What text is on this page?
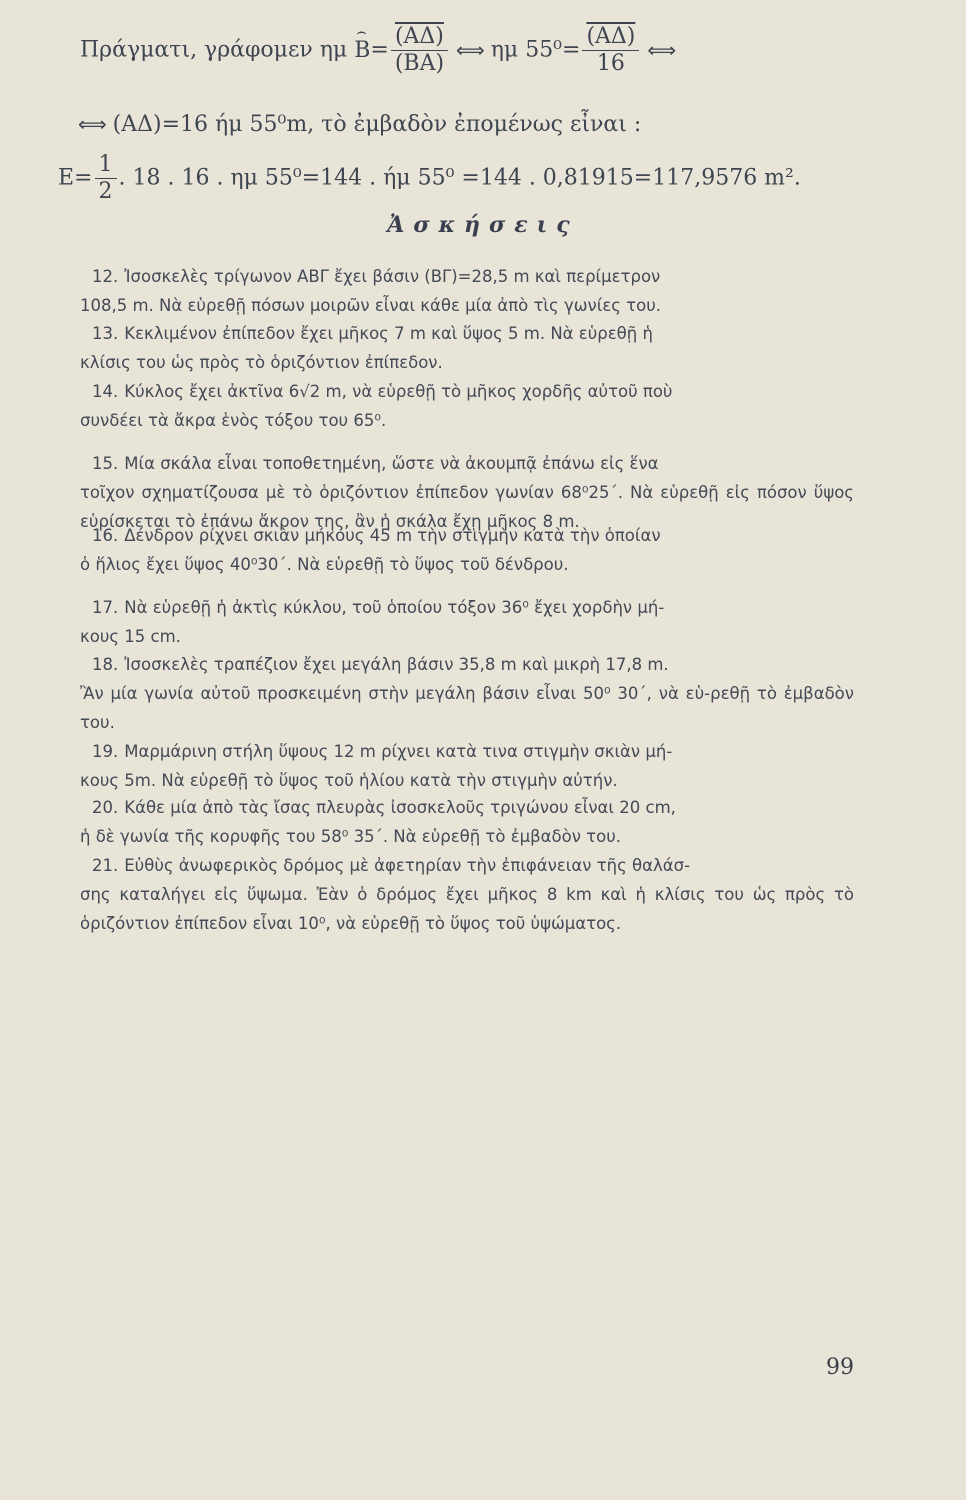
Πράγματι, γράφομεν ημ
⌢
$B= \frac{(A\Delta)}{(BA)}$ ⟺ ημ $55^0= \frac{(A\Delta)}{16}$ ⟺
⟺ (ΑΔ)=16 ήμ 55⁰m, τὸ ἐμβαδὸν ἐπομένως εἶναι :
$E= \frac{1}{2}$ . 18 . 16 . ημ 55⁰=144 . ήμ 55⁰ =144 . 0,81915=117,9576 m².
Ἀσκήσεις
12. Ἰσοσκελὲς τρίγωνον ΑΒΓ ἔχει βάσιν (ΒΓ)=28,5 m καὶ περίμετρον
108,5 m. Νὰ εὑρεθῇ πόσων μοιρῶν εἶναι κάθε μία ἀπὸ τὶς γωνίες του.
13. Κεκλιμένον ἐπίπεδον ἔχει μῆκος 7 m καὶ ὕψος 5 m. Νὰ εὑρεθῇ ἡ
κλίσις του ὡς πρὸς τὸ ὁριζόντιον ἐπίπεδον.
14. Κύκλος ἔχει ἀκτῖνα 6√2 m, νὰ εὑρεθῇ τὸ μῆκος χορδῆς αὐτοῦ ποὺ
συνδέει τὰ ἄκρα ἑνὸς τόξου του 65⁰.
15. Μία σκάλα εἶναι τοποθετημένη, ὥστε νὰ ἀκουμπᾷ ἐπάνω εἰς ἕνα
τοῖχον σχηματίζουσα μὲ τὸ ὁριζόντιον ἐπίπεδον γωνίαν 68⁰25΄. Νὰ εὑρεθῇ εἰς πόσον ὕψος εὑρίσκεται τὸ ἐπάνω ἄκρον της, ἂν ἡ σκάλα ἔχῃ μῆκος 8 m.
16. Δένδρον ρίχνει σκιὰν μήκους 45 m τὴν στιγμὴν κατὰ τὴν ὁποίαν
ὁ ἥλιος ἔχει ὕψος 40⁰30΄. Νὰ εὑρεθῇ τὸ ὕψος τοῦ δένδρου.
17. Νὰ εὑρεθῇ ἡ ἀκτὶς κύκλου, τοῦ ὁποίου τόξον 36⁰ ἔχει χορδὴν μή-
κους 15 cm.
18. Ἰσοσκελὲς τραπέζιον ἔχει μεγάλη βάσιν 35,8 m καὶ μικρὴ 17,8 m.
Ἂν μία γωνία αὐτοῦ προσκειμένη στὴν μεγάλη βάσιν εἶναι 50⁰ 30΄, νὰ εὑ-ρεθῇ τὸ ἐμβαδὸν του.
19. Μαρμάρινη στήλη ὕψους 12 m ρίχνει κατὰ τινα στιγμὴν σκιὰν μή-
κους 5m. Νὰ εὑρεθῇ τὸ ὕψος τοῦ ἡλίου κατὰ τὴν στιγμὴν αὐτήν.
20. Κάθε μία ἀπὸ τὰς ἴσας πλευρὰς ἰσοσκελοῦς τριγώνου εἶναι 20 cm,
ἡ δὲ γωνία τῆς κορυφῆς του 58⁰ 35΄. Νὰ εὑρεθῇ τὸ ἐμβαδὸν του.
21. Εὐθὺς ἀνωφερικὸς δρόμος μὲ ἀφετηρίαν τὴν ἐπιφάνειαν τῆς θαλάσ-
σης καταλήγει εἰς ὕψωμα. Ἐὰν ὁ δρόμος ἔχει μῆκος 8 km καὶ ἡ κλίσις του ὡς πρὸς τὸ ὁριζόντιον ἐπίπεδον εἶναι 10⁰, νὰ εὑρεθῇ τὸ ὕψος τοῦ ὑψώματος.
99
